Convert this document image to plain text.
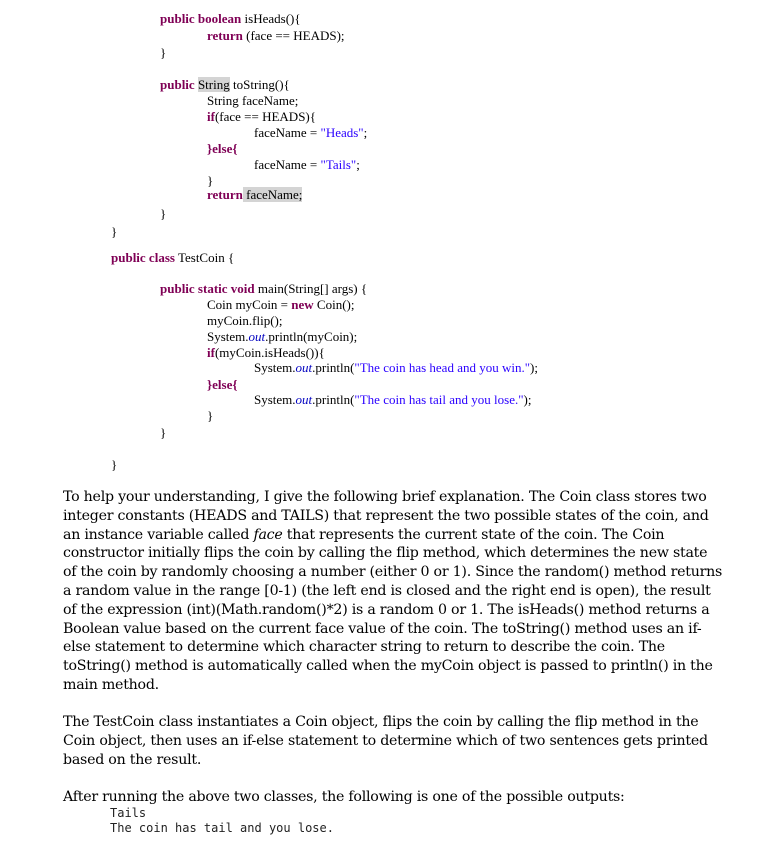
public boolean isHeads(){

return (face == HEADS);

}

public String toString(){

String faceName;

if(face == HEADS){

faceName = "Heads";

}else{

faceName = "Tails";

}

return faceName;

}

}

public class TestCoin {

public static void main(String[] args) {

Coin myCoin = new Coin();

myCoin.flip();

System.out.println(myCoin);

if(myCoin.isHeads()){

System.out.println("The coin has head and you win.");

}else{

System.out.println("The coin has tail and you lose.");

}

}

}

To help your understanding, I give the following brief explanation. The Coin class stores two integer constants (HEADS and TAILS) that represent the two possible states of the coin, and an instance variable called face that represents the current state of the coin. The Coin constructor initially flips the coin by calling the flip method, which determines the new state of the coin by randomly choosing a number (either 0 or 1). Since the random() method returns a random value in the range [0-1) (the left end is closed and the right end is open), the result of the expression (int)(Math.random()*2) is a random 0 or 1. The isHeads() method returns a Boolean value based on the current face value of the coin. The toString() method uses an if-else statement to determine which character string to return to describe the coin. The toString() method is automatically called when the myCoin object is passed to println() in the main method.

The TestCoin class instantiates a Coin object, flips the coin by calling the flip method in the Coin object, then uses an if-else statement to determine which of two sentences gets printed based on the result.

After running the above two classes, the following is one of the possible outputs:

Tails
The coin has tail and you lose.
